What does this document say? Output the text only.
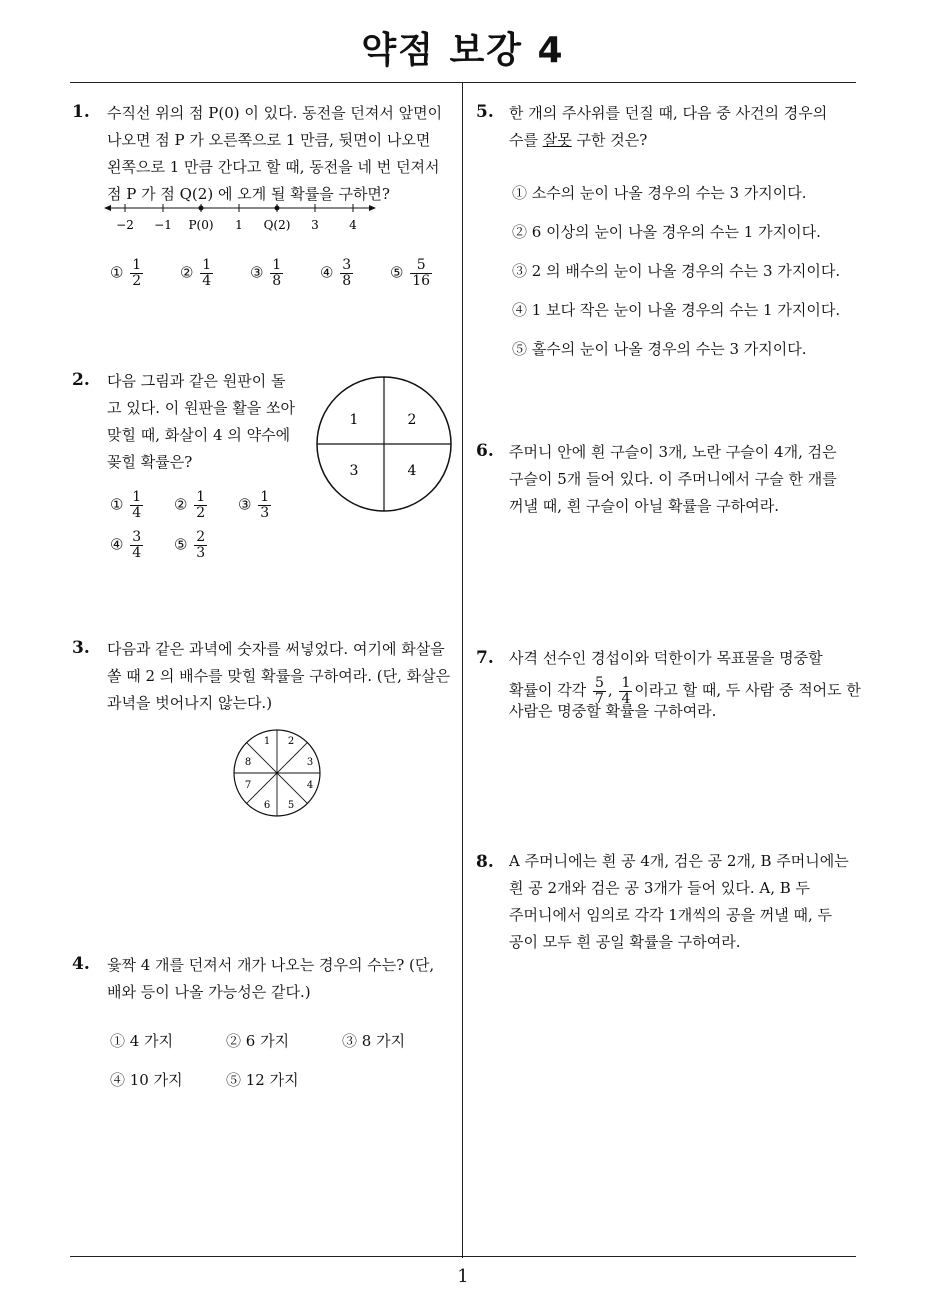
약점 보강 4
1
1. 수직선 위의 점 P(0) 이 있다. 동전을 던져서 앞면이
나오면 점 P 가 오른쪽으로 1 만큼, 뒷면이 나오면
왼쪽으로 1 만큼 간다고 할 때, 동전을 네 번 던져서
점 P 가 점 Q(2) 에 오게 될 확률을 구하면?
−2 −1 P(0) 1 Q(2) 3	4
① $\frac{1}{2}$ ② $\frac{1}{4}$ ③ $\frac{1}{8}$ ④ $\frac{3}{8}$ ⑤ $\frac{5}{16}$
2. 다음 그림과 같은 원판이 돌
고 있다. 이 원판을 활을 쏘아
맞힐 때, 화살이 4 의 약수에
꽂힐 확률은?
1	2
3	4
① $\frac{1}{4}$ ② $\frac{1}{2}$ ③ $\frac{1}{3}$
④ $\frac{3}{4}$ ⑤ $\frac{2}{3}$
3. 다음과 같은 과녁에 숫자를 써넣었다. 여기에 화살을
쏠 때 2 의 배수를 맞힐 확률을 구하여라. (단, 화살은
과녁을 벗어나지 않는다.)
1 2
3
4
5
6
7
8
4. 윷짝 4 개를 던져서 개가 나오는 경우의 수는? (단,
배와 등이 나올 가능성은 같다.)
① 4 가지	② 6 가지	③ 8 가지
④ 10 가지	⑤ 12 가지
5. 한 개의 주사위를 던질 때, 다음 중 사건의 경우의
수를 잘못 구한 것은?
① 소수의 눈이 나올 경우의 수는 3 가지이다.
② 6 이상의 눈이 나올 경우의 수는 1 가지이다.
③ 2 의 배수의 눈이 나올 경우의 수는 3 가지이다.
④ 1 보다 작은 눈이 나올 경우의 수는 1 가지이다.
⑤ 홀수의 눈이 나올 경우의 수는 3 가지이다.
6. 주머니 안에 흰 구슬이 3개, 노란 구슬이 4개, 검은
구슬이 5개 들어 있다. 이 주머니에서 구슬 한 개를
꺼낼 때, 흰 구슬이 아닐 확률을 구하여라.
7. 사격 선수인 경섭이와 덕한이가 목표물을 명중할
확률이 각각 $\frac{5}{7}$ , $\frac{1}{4}$ 이라고 할 때, 두 사람 중 적어도 한
사람은 명중할 확률을 구하여라.
8. A 주머니에는 흰 공 4개, 검은 공 2개, B 주머니에는
흰 공 2개와 검은 공 3개가 들어 있다. A, B 두
주머니에서 임의로 각각 1개씩의 공을 꺼낼 때, 두
공이 모두 흰 공일 확률을 구하여라.
